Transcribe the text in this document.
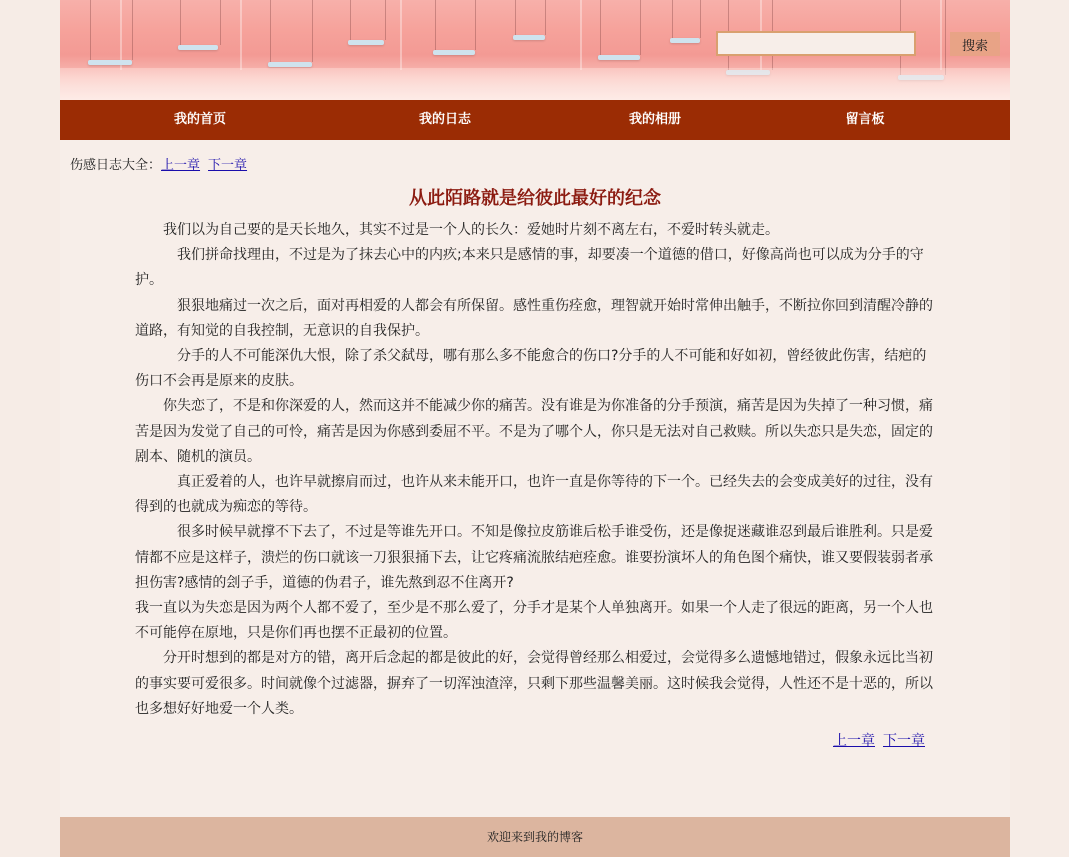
搜索
我的首页	我的日志	我的相册	留言板
伤感日志大全：上一章 下一章
从此陌路就是给彼此最好的纪念

　　我们以为自己要的是天长地久，其实不过是一个人的长久：爱她时片刻不离左右，不爱时转头就走。

　　　我们拼命找理由，不过是为了抹去心中的内疚;本来只是感情的事，却要凑一个道德的借口，好像高尚也可以成为分手的守护。

　　　狠狠地痛过一次之后，面对再相爱的人都会有所保留。感性重伤痊愈，理智就开始时常伸出触手，不断拉你回到清醒冷静的道路，有知觉的自我控制，无意识的自我保护。

　　　分手的人不可能深仇大恨，除了杀父弑母，哪有那么多不能愈合的伤口?分手的人不可能和好如初，曾经彼此伤害，结疤的伤口不会再是原来的皮肤。

　　你失恋了，不是和你深爱的人，然而这并不能减少你的痛苦。没有谁是为你准备的分手预演，痛苦是因为失掉了一种习惯，痛苦是因为发觉了自己的可怜，痛苦是因为你感到委屈不平。不是为了哪个人，你只是无法对自己救赎。所以失恋只是失恋，固定的剧本、随机的演员。

　　　真正爱着的人，也许早就擦肩而过，也许从来未能开口，也许一直是你等待的下一个。已经失去的会变成美好的过往，没有得到的也就成为痴恋的等待。

　　　很多时候早就撑不下去了，不过是等谁先开口。不知是像拉皮筋谁后松手谁受伤，还是像捉迷藏谁忍到最后谁胜利。只是爱情都不应是这样子，溃烂的伤口就该一刀狠狠捅下去，让它疼痛流脓结疤痊愈。谁要扮演坏人的角色图个痛快，谁又要假装弱者承担伤害?感情的刽子手，道德的伪君子，谁先熬到忍不住离开?

我一直以为失恋是因为两个人都不爱了，至少是不那么爱了，分手才是某个人单独离开。如果一个人走了很远的距离，另一个人也不可能停在原地，只是你们再也摆不正最初的位置。

　　分开时想到的都是对方的错，离开后念起的都是彼此的好，会觉得曾经那么相爱过，会觉得多么遗憾地错过，假象永远比当初的事实要可爱很多。时间就像个过滤器，摒弃了一切浑浊渣滓，只剩下那些温馨美丽。这时候我会觉得，人性还不是十恶的，所以也多想好好地爱一个人类。

上一章 下一章
欢迎来到我的博客
